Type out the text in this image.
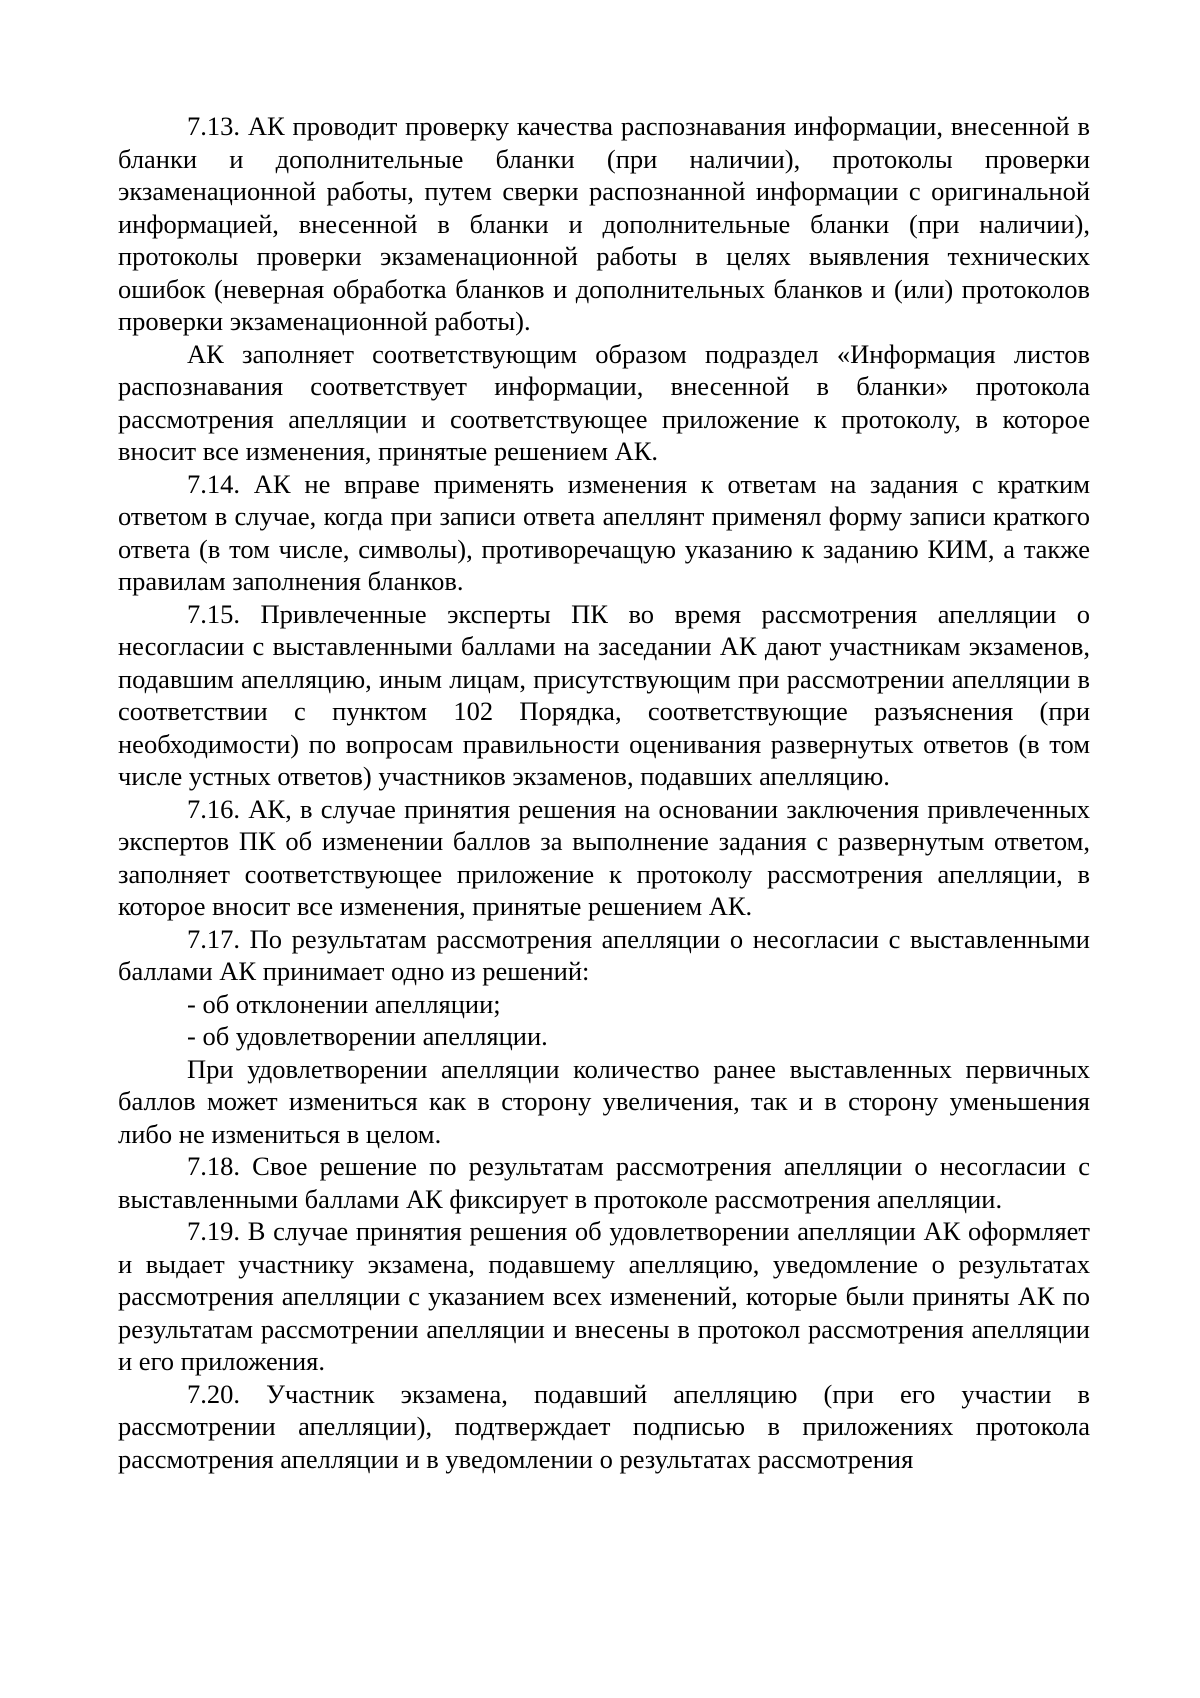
7.13. АК проводит проверку качества распознавания информации, внесенной в бланки и дополнительные бланки (при наличии), протоколы проверки экзаменационной работы, путем сверки распознанной информации с оригинальной информацией, внесенной в бланки и дополнительные бланки (при наличии), протоколы проверки экзаменационной работы в целях выявления технических ошибок (неверная обработка бланков и дополнительных бланков и (или) протоколов проверки экзаменационной работы).

АК заполняет соответствующим образом подраздел «Информация листов распознавания соответствует информации, внесенной в бланки» протокола рассмотрения апелляции и соответствующее приложение к протоколу, в которое вносит все изменения, принятые решением АК.

7.14. АК не вправе применять изменения к ответам на задания с кратким ответом в случае, когда при записи ответа апеллянт применял форму записи краткого ответа (в том числе, символы), противоречащую указанию к заданию КИМ, а также правилам заполнения бланков.

7.15. Привлеченные эксперты ПК во время рассмотрения апелляции о несогласии с выставленными баллами на заседании АК дают участникам экзаменов, подавшим апелляцию, иным лицам, присутствующим при рассмотрении апелляции в соответствии с пунктом 102 Порядка, соответствующие разъяснения (при необходимости) по вопросам правильности оценивания развернутых ответов (в том числе устных ответов) участников экзаменов, подавших апелляцию.

7.16. АК, в случае принятия решения на основании заключения привлеченных экспертов ПК об изменении баллов за выполнение задания с развернутым ответом, заполняет соответствующее приложение к протоколу рассмотрения апелляции, в которое вносит все изменения, принятые решением АК.

7.17. По результатам рассмотрения апелляции о несогласии с выставленными баллами АК принимает одно из решений:

- об отклонении апелляции;

- об удовлетворении апелляции.

При удовлетворении апелляции количество ранее выставленных первичных баллов может измениться как в сторону увеличения, так и в сторону уменьшения либо не измениться в целом.

7.18. Свое решение по результатам рассмотрения апелляции о несогласии с выставленными баллами АК фиксирует в протоколе рассмотрения апелляции.

7.19. В случае принятия решения об удовлетворении апелляции АК оформляет и выдает участнику экзамена, подавшему апелляцию, уведомление о результатах рассмотрения апелляции с указанием всех изменений, которые были приняты АК по результатам рассмотрении апелляции и внесены в протокол рассмотрения апелляции и его приложения.

7.20. Участник экзамена, подавший апелляцию (при его участии в рассмотрении апелляции), подтверждает подписью в приложениях протокола рассмотрения апелляции и в уведомлении о результатах рассмотрения
